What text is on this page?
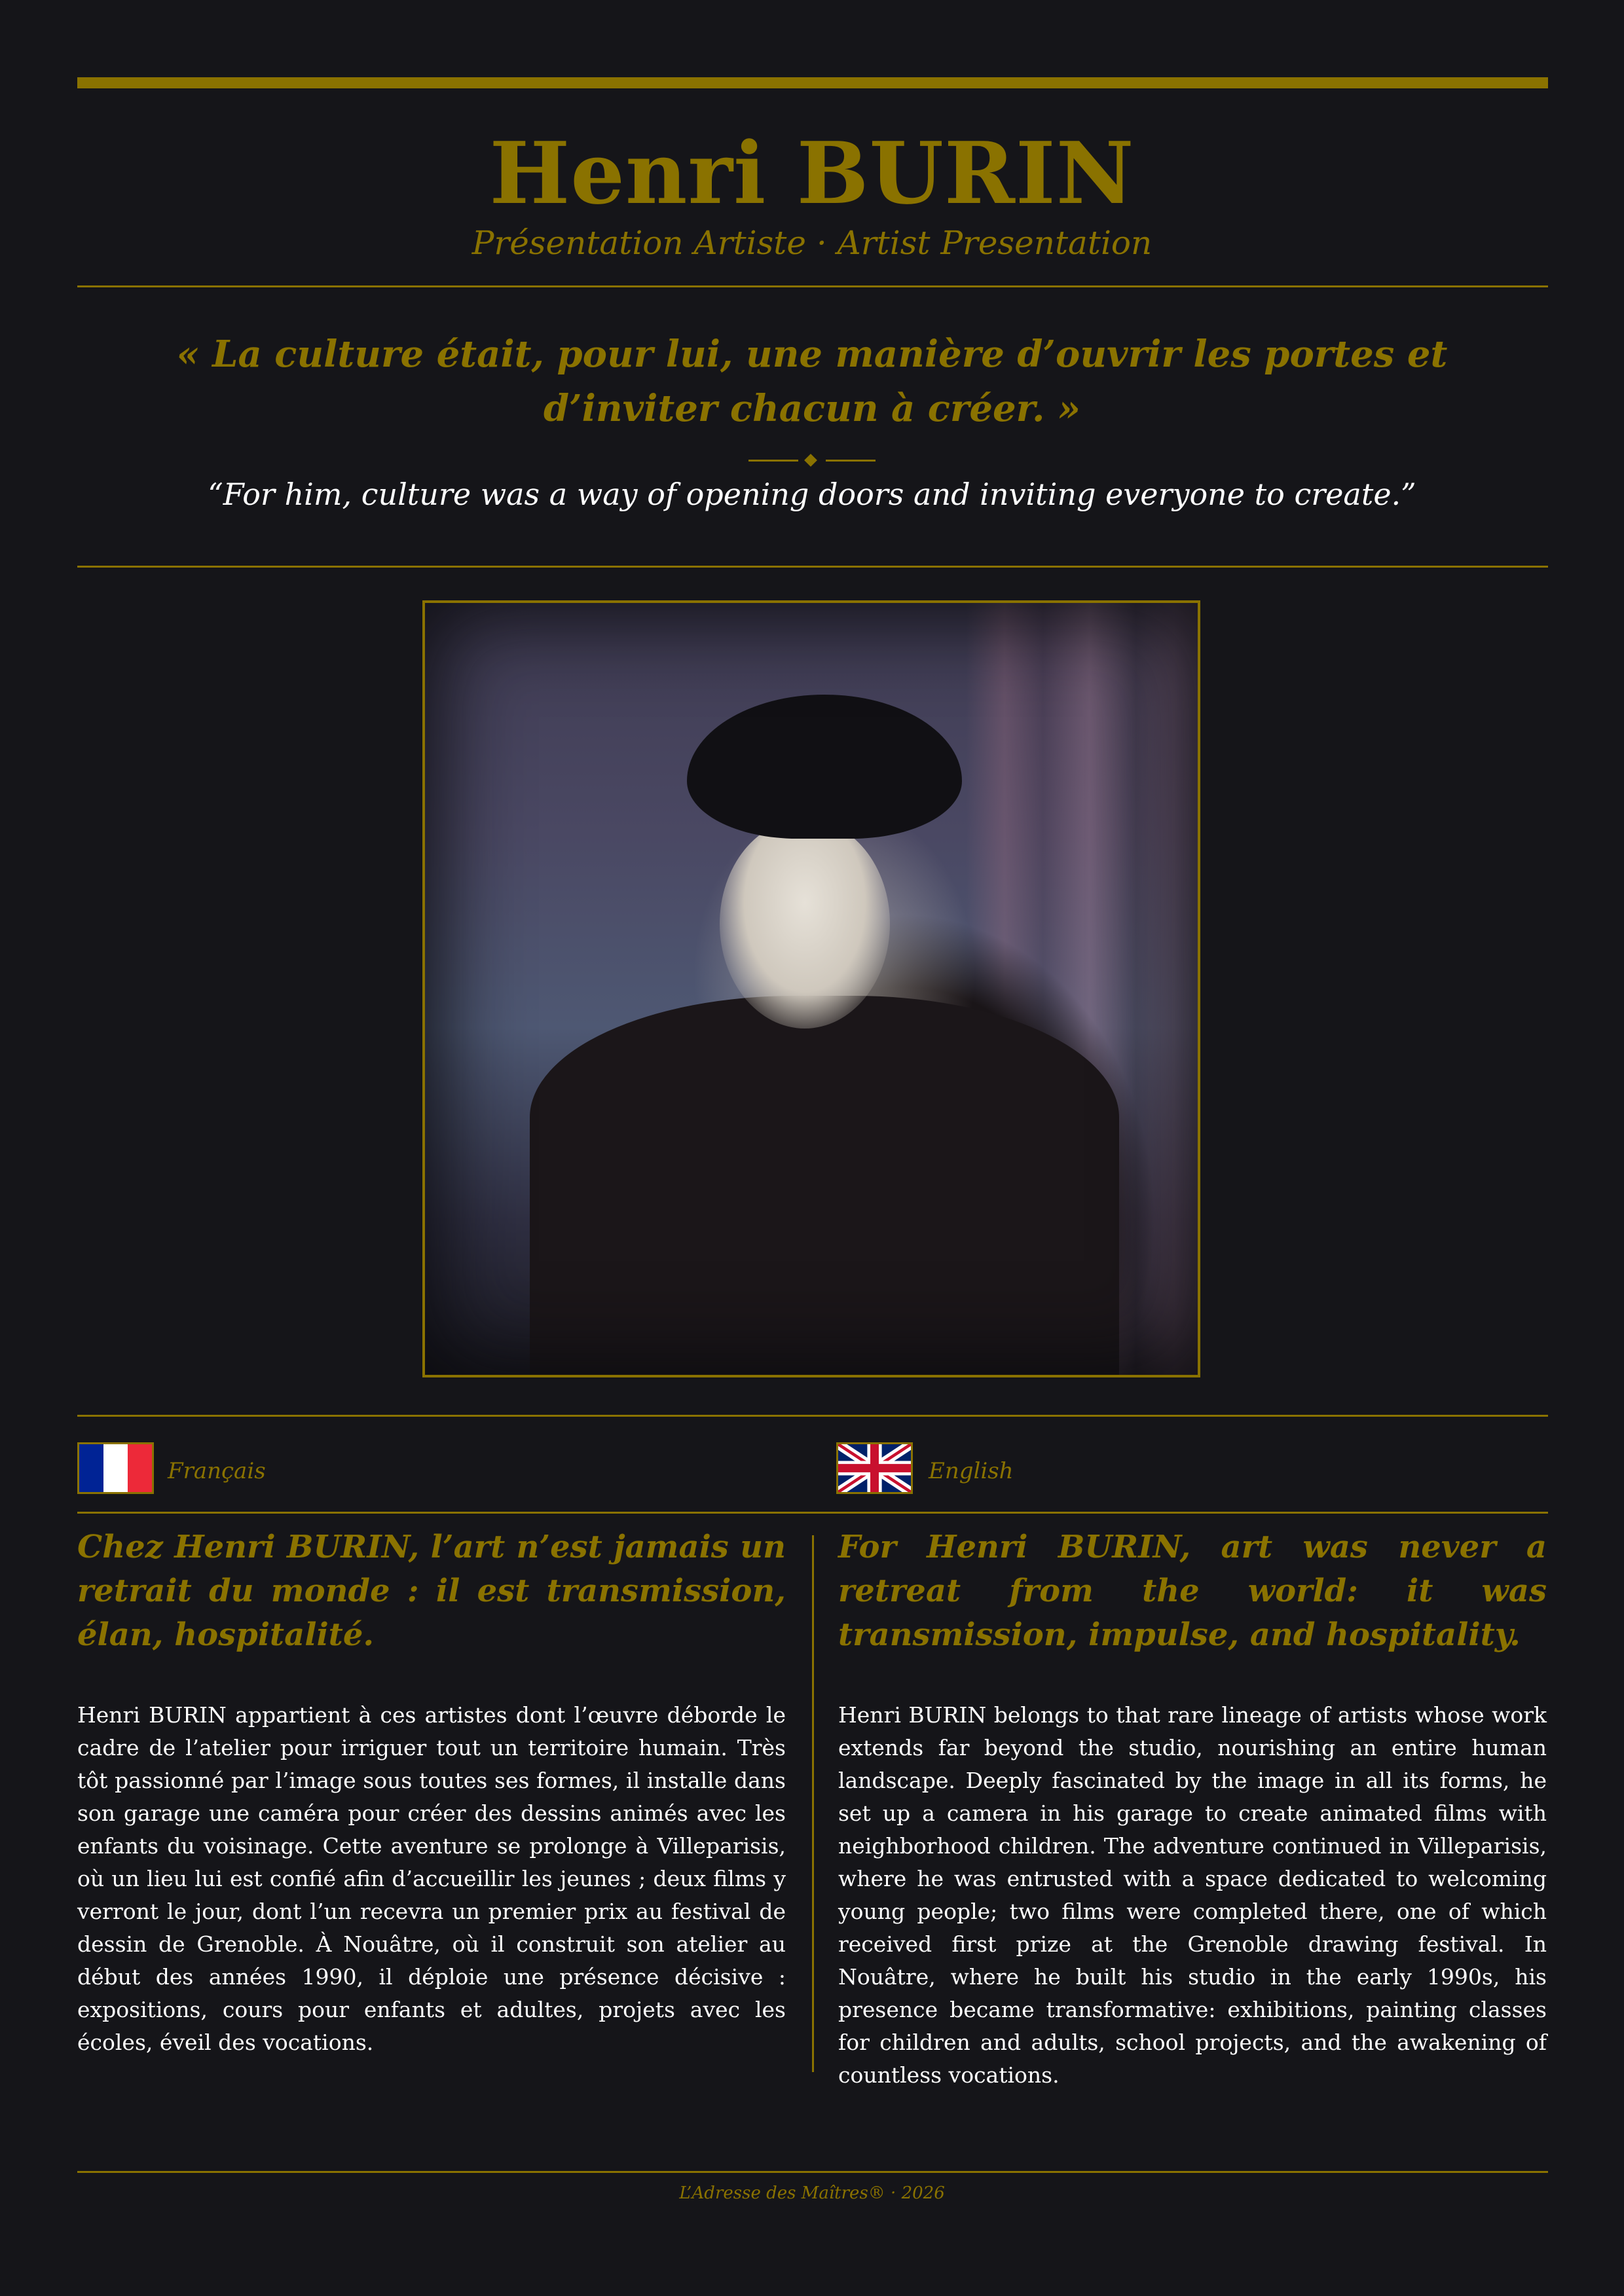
Henri BURIN
Présentation Artiste · Artist Presentation
« La culture était, pour lui, une manière d’ouvrir les portes et d’inviter chacun à créer. »
“For him, culture was a way of opening doors and inviting everyone to create.”
Français	English
Chez Henri BURIN, l’art n’est jamais un retrait du monde : il est transmission, élan, hospitalité.
Henri BURIN appartient à ces artistes dont l’œuvre déborde le cadre de l’atelier pour irriguer tout un territoire humain. Très tôt passionné par l’image sous toutes ses formes, il installe dans son garage une caméra pour créer des dessins animés avec les enfants du voisinage. Cette aventure se prolonge à Villeparisis, où un lieu lui est confié afin d’accueillir les jeunes ; deux films y verront le jour, dont l’un recevra un premier prix au festival de dessin de Grenoble. À Nouâtre, où il construit son atelier au début des années 1990, il déploie une présence décisive : expositions, cours pour enfants et adultes, projets avec les écoles, éveil des vocations.
For Henri BURIN, art was never a retreat from the world: it was transmission, impulse, and hospitality.
Henri BURIN belongs to that rare lineage of artists whose work extends far beyond the studio, nourishing an entire human landscape. Deeply fascinated by the image in all its forms, he set up a camera in his garage to create animated films with neighborhood children. The adventure continued in Villeparisis, where he was entrusted with a space dedicated to welcoming young people; two films were completed there, one of which received first prize at the Grenoble drawing festival. In Nouâtre, where he built his studio in the early 1990s, his presence became transformative: exhibitions, painting classes for children and adults, school projects, and the awakening of countless vocations.
L’Adresse des Maîtres® · 2026
